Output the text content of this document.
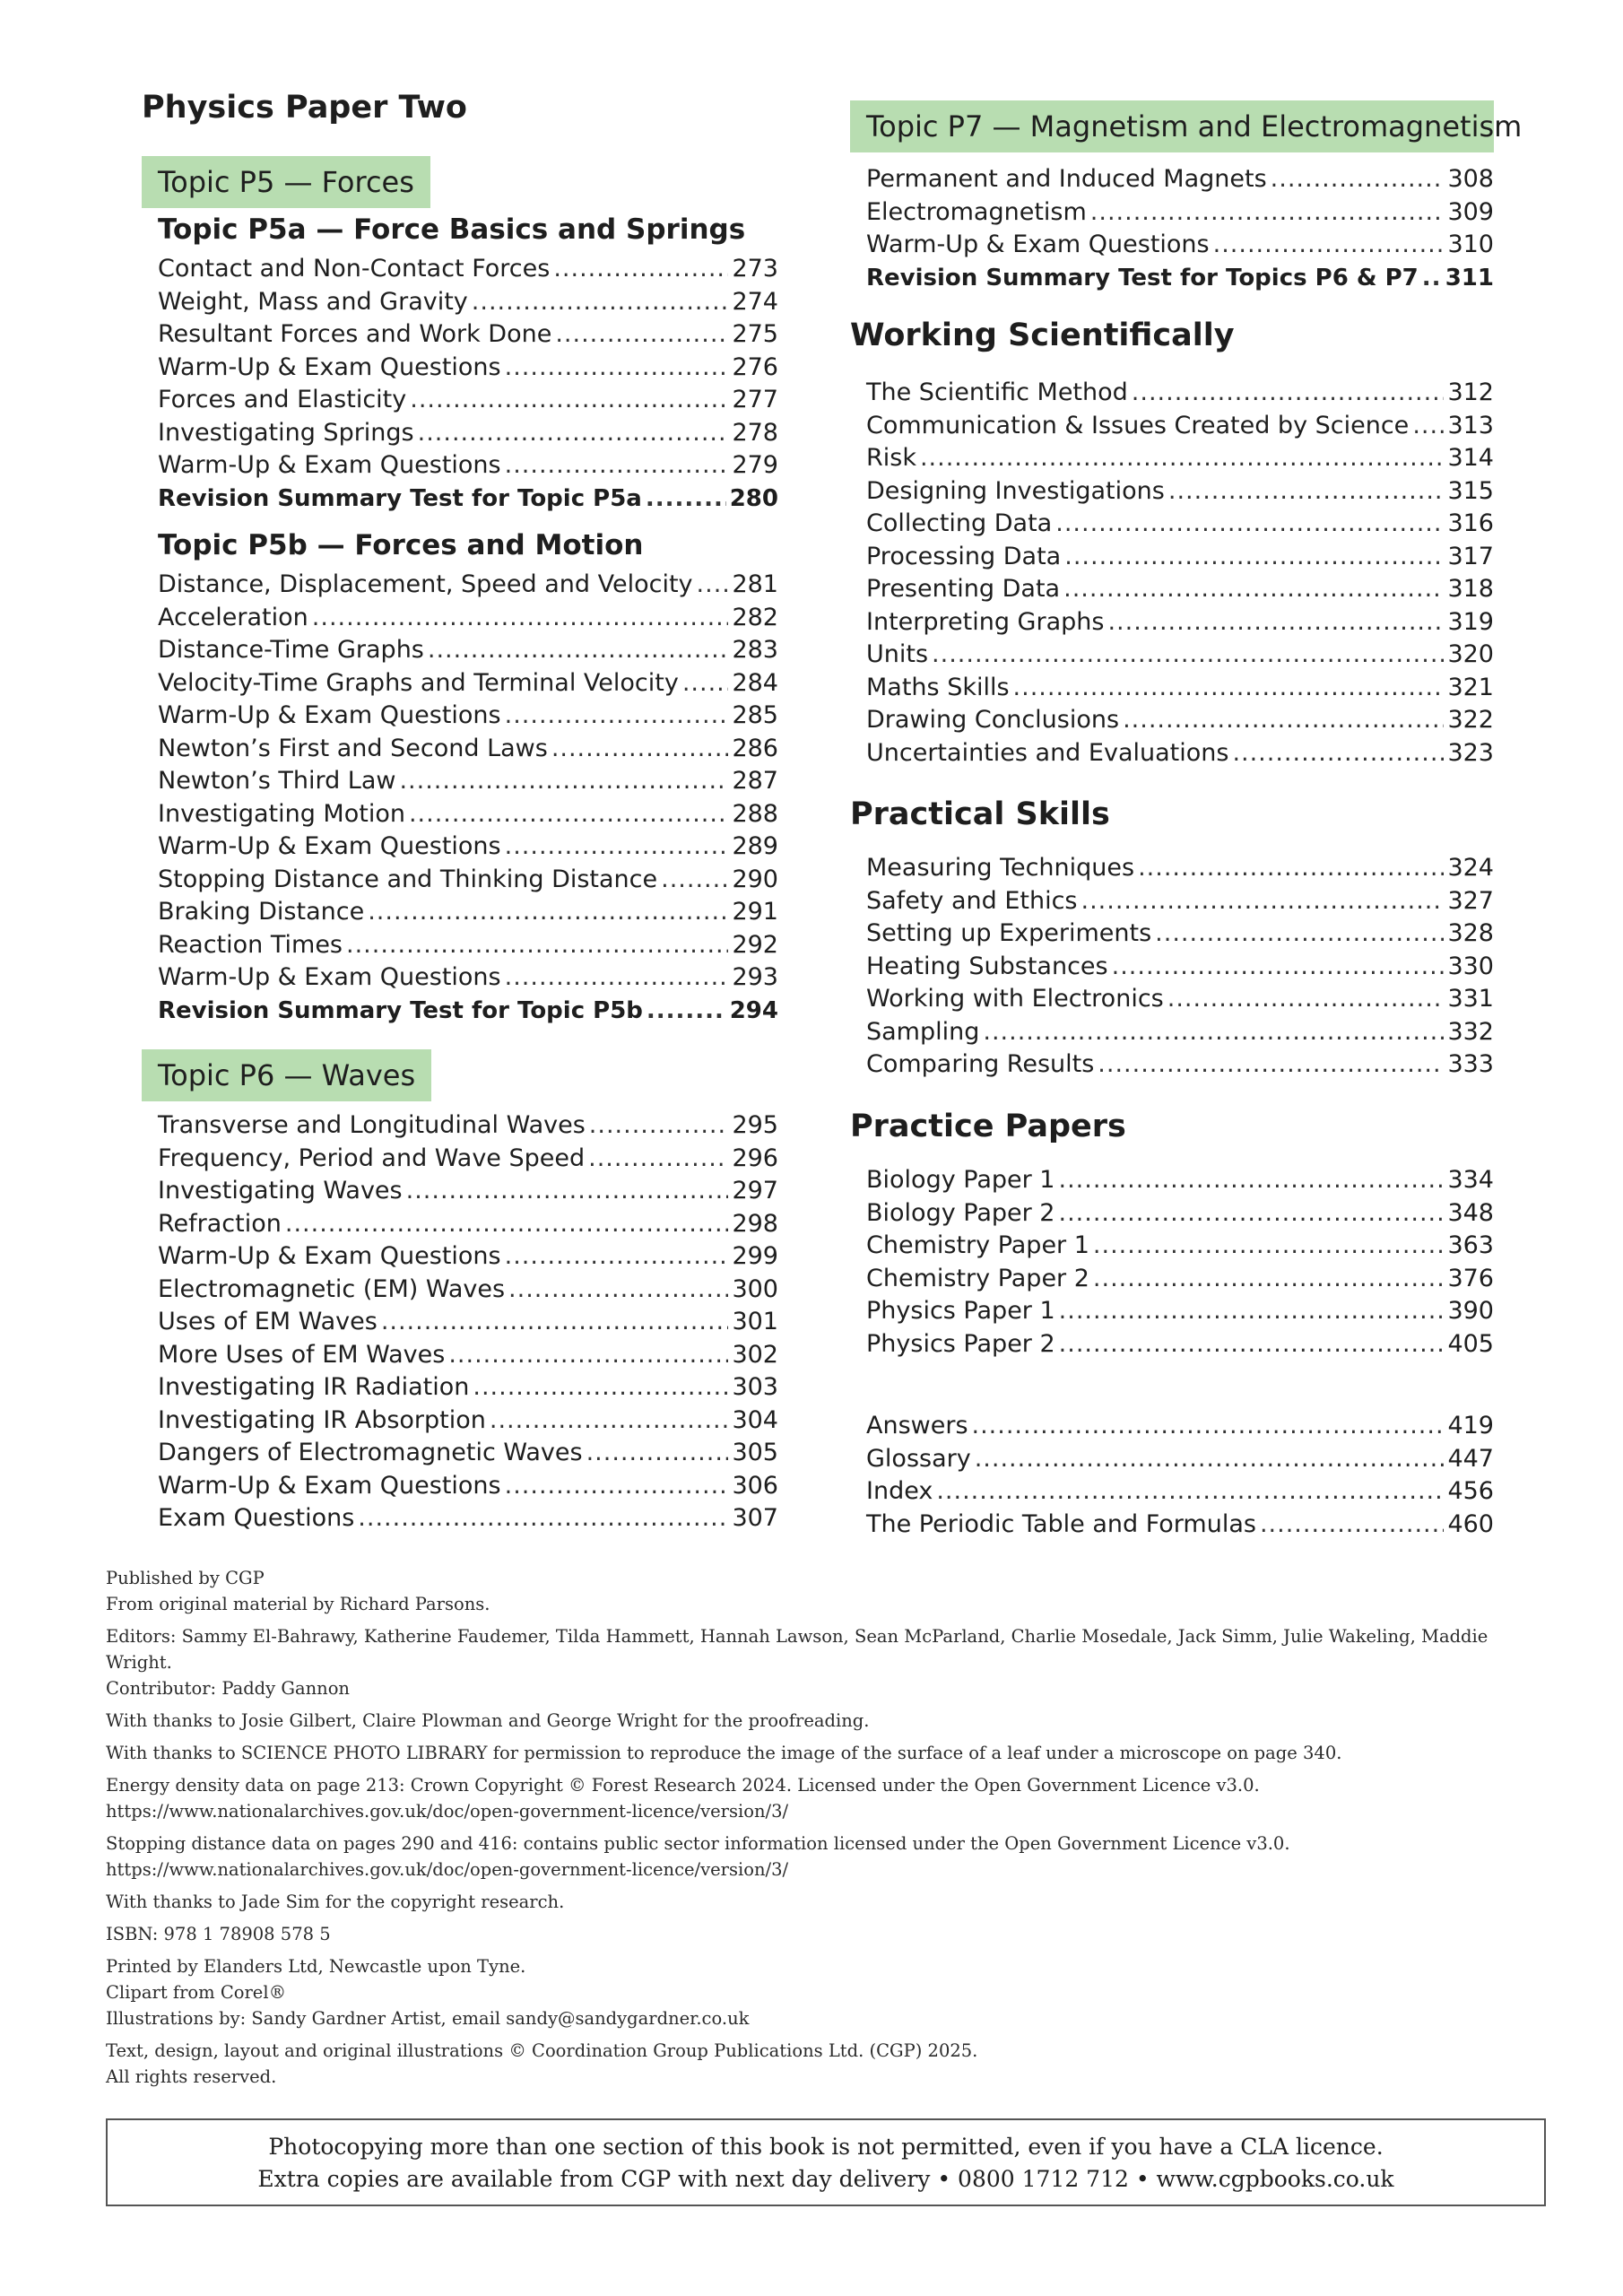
Physics Paper Two
Topic P5 — Forces
Topic P5a — Force Basics and Springs
Contact and Non-Contact Forces .....	273
Weight, Mass and Gravity .....	274
Resultant Forces and Work Done .....	275
Warm-Up & Exam Questions .....	276
Forces and Elasticity .....	277
Investigating Springs .....	278
Warm-Up & Exam Questions .....	279
Revision Summary Test for Topic P5a .....	280
Topic P5b — Forces and Motion
Distance, Displacement, Speed and Velocity ..... 281
Acceleration .....	282
Distance-Time Graphs .....	283
Velocity-Time Graphs and Terminal Velocity ..... 284
Warm-Up & Exam Questions .....	285
Newton’s First and Second Laws .....	286
Newton’s Third Law .....	287
Investigating Motion .....	288
Warm-Up & Exam Questions .....	289
Stopping Distance and Thinking Distance .....	290
Braking Distance .....	291
Reaction Times .....	292
Warm-Up & Exam Questions .....	293
Revision Summary Test for Topic P5b .....	294
Topic P6 — Waves
Transverse and Longitudinal Waves .....	295
Frequency, Period and Wave Speed .....	296
Investigating Waves .....	297
Refraction .....	298
Warm-Up & Exam Questions .....	299
Electromagnetic (EM) Waves .....	300
Uses of EM Waves .....	301
More Uses of EM Waves .....	302
Investigating IR Radiation .....	303
Investigating IR Absorption .....	304
Dangers of Electromagnetic Waves .....	305
Warm-Up & Exam Questions .....	306
Exam Questions .....	307
Topic P7 — Magnetism and Electromagnetism
Permanent and Induced Magnets .....	308
Electromagnetism .....	309
Warm-Up & Exam Questions .....	310
Revision Summary Test for Topics P6 & P7 ..... 311
Working Scientifically
The Scientific Method .....	312
Communication & Issues Created by Science ..... 313
Risk .....	314
Designing Investigations .....	315
Collecting Data .....	316
Processing Data .....	317
Presenting Data .....	318
Interpreting Graphs .....	319
Units .....	320
Maths Skills .....	321
Drawing Conclusions .....	322
Uncertainties and Evaluations .....	323
Practical Skills
Measuring Techniques .....	324
Safety and Ethics .....	327
Setting up Experiments .....	328
Heating Substances .....	330
Working with Electronics .....	331
Sampling .....	332
Comparing Results .....	333
Practice Papers
Biology Paper 1 .....	334
Biology Paper 2 .....	348
Chemistry Paper 1 .....	363
Chemistry Paper 2 .....	376
Physics Paper 1 .....	390
Physics Paper 2 .....	405
Answers .....	419
Glossary .....	447
Index .....	456
The Periodic Table and Formulas .....	460

Published by CGP

From original material by Richard Parsons.

Editors: Sammy El-Bahrawy, Katherine Faudemer, Tilda Hammett, Hannah Lawson, Sean McParland, Charlie Mosedale, Jack Simm, Julie Wakeling, Maddie Wright.

Contributor: Paddy Gannon

With thanks to Josie Gilbert, Claire Plowman and George Wright for the proofreading.

With thanks to SCIENCE PHOTO LIBRARY for permission to reproduce the image of the surface of a leaf under a microscope on page 340.

Energy density data on page 213: Crown Copyright © Forest Research 2024. Licensed under the Open Government Licence v3.0.

https://www.nationalarchives.gov.uk/doc/open-government-licence/version/3/

Stopping distance data on pages 290 and 416: contains public sector information licensed under the Open Government Licence v3.0.

https://www.nationalarchives.gov.uk/doc/open-government-licence/version/3/

With thanks to Jade Sim for the copyright research.

ISBN: 978 1 78908 578 5

Printed by Elanders Ltd, Newcastle upon Tyne.

Clipart from Corel®

Illustrations by: Sandy Gardner Artist, email sandy@sandygardner.co.uk

Text, design, layout and original illustrations © Coordination Group Publications Ltd. (CGP) 2025.

All rights reserved.

Photocopying more than one section of this book is not permitted, even if you have a CLA licence.
Extra copies are available from CGP with next day delivery • 0800 1712 712 • www.cgpbooks.co.uk
